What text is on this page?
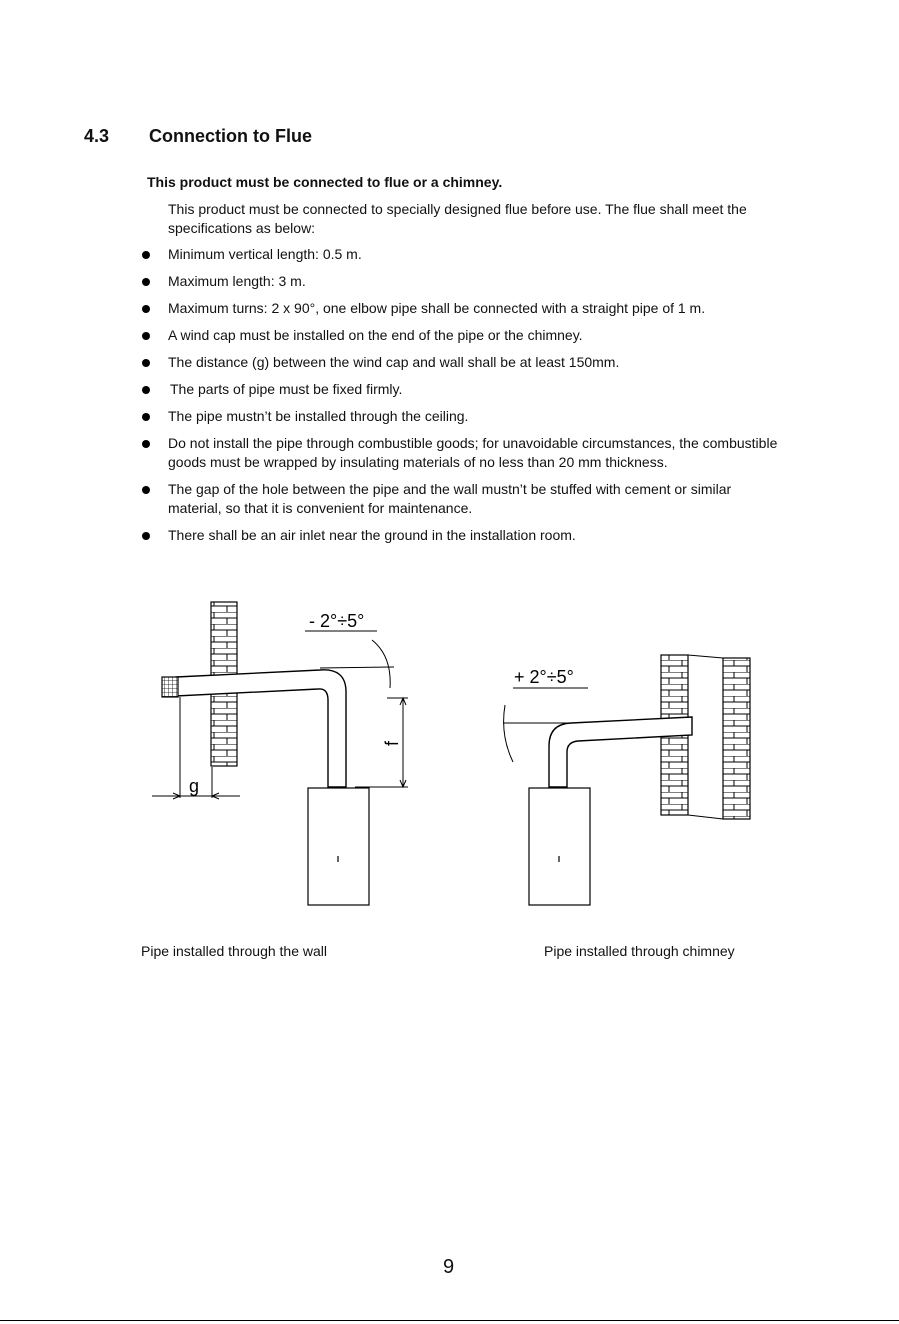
4.3 Connection to Flue
This product must be connected to flue or a chimney.
This product must be connected to specially designed flue before use. The flue shall meet the specifications as below:
Minimum vertical length: 0.5 m.
Maximum length: 3 m.
Maximum turns: 2 x 90°, one elbow pipe shall be connected with a straight pipe of 1 m.
A wind cap must be installed on the end of the pipe or the chimney.
The distance (g) between the wind cap and wall shall be at least 150mm.
The parts of pipe must be fixed firmly.
The pipe mustn’t be installed through the ceiling.
Do not install the pipe through combustible goods; for unavoidable circumstances, the combustible goods must be wrapped by insulating materials of no less than 20 mm thickness.
The gap of the hole between the pipe and the wall mustn’t be stuffed with cement or similar material, so that it is convenient for maintenance.
There shall be an air inlet near the ground in the installation room.
- 2°÷5°
f
g
+ 2°÷5°
Pipe installed through the wall	Pipe installed through chimney
9
